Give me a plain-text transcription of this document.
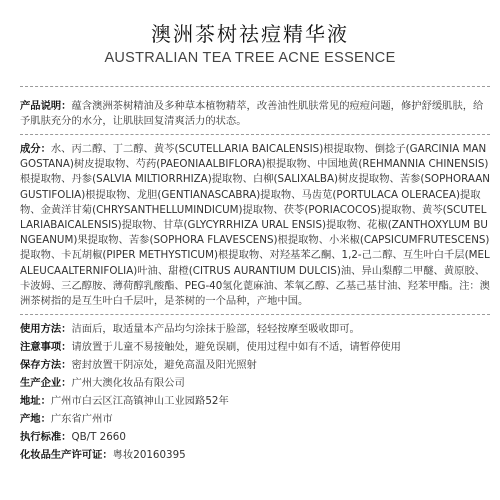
澳洲茶树祛痘精华液
AUSTRALIAN TEA TREE ACNE ESSENCE
产品说明：蕴含澳洲茶树精油及多种草本植物精萃，改善油性肌肤常见的痘痘问题，修护舒缓肌肤，给予肌肤充分的水分，让肌肤回复清爽活力的状态。
成分：水、丙二醇、丁二醇、黄芩(SCUTELLARIA BAICALENSIS)根提取物、倒捻子(GARCINIA MANGOSTANA)树皮提取物、芍药(PAEONIAALBIFLORA)根提取物、中国地黄(REHMANNIA CHINENSIS)根提取物、丹参(SALVIA MILTIORRHIZA)提取物、白柳(SALIXALBA)树皮提取物、苦参(SOPHORAANGUSTIFOLIA)根提取物、龙胆(GENTIANASCABRA)提取物、马齿苋(PORTULACA OLERACEA)提取物、金黄洋甘菊(CHRYSANTHELLUMINDICUM)提取物、茯苓(PORIACOCOS)提取物、黄芩(SCUTELLARIABAICALENSIS)提取物、甘草(GLYCYRRHIZA URAL ENSIS)提取物、花椒(ZANTHOXYLUM BUNGEANUM)果提取物、苦参(SOPHORA FLAVESCENS)根提取物、小米椒(CAPSICUMFRUTESCENS)提取物、卡瓦胡椒(PIPER METHYSTICUM)根提取物、对羟基苯乙酮、1,2-己二醇、互生叶白千层(MELALEUCAALTERNIFOLIA)叶油、甜橙(CITRUS AURANTIUM DULCIS)油、异山梨醇二甲醚、黄原胶、卡波姆、三乙醇胺、薄荷醇乳酸酯、PEG-40氢化蓖麻油、苯氧乙醇、乙基己基甘油、羟苯甲酯。注：澳洲茶树指的是互生叶白千层叶，是茶树的一个品种，产地中国。
使用方法：洁面后，取适量本产品均匀涂抹于脸部，轻轻按摩至吸收即可。
注意事项：请放置于儿童不易接触处，避免误刷，使用过程中如有不适，请暂停使用
保存方法：密封放置干阴凉处，避免高温及阳光照射
生产企业：广州大澳化妆品有限公司
地址：广州市白云区江高镇神山工业园路52年
产地：广东省广州市
执行标准：QB/T 2660
化妆品生产许可证：粤妆20160395
